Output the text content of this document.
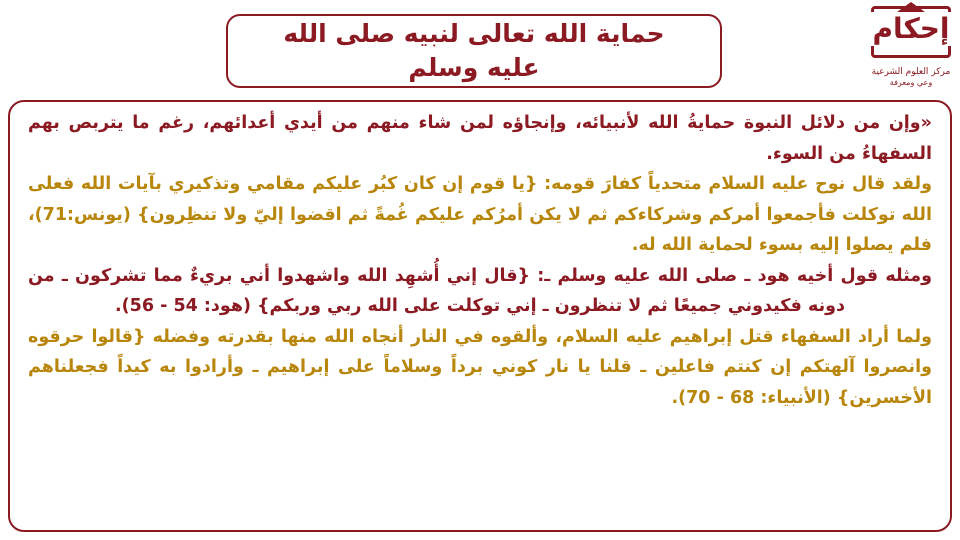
حماية الله تعالى لنبيه صلى الله عليه وسلم
إحكام
مركز العلوم الشرعية
وعي ومعرفة

«وإن من دلائل النبوة حمايةُ الله لأنبيائه، وإنجاؤه لمن شاء منهم من أيدي أعدائهم، رغم ما يتربص بهم السفهاءُ من السوء.

ولقد قال نوح عليه السلام متحدياً كفارَ قومه: {يا قوم إن كان كبُر عليكم مقامي وتذكيري بآيات الله فعلى الله توكلت فأجمعوا أمركم وشركاءكم ثم لا يكن أمرُكم عليكم غُمةً ثم اقضوا إليّ ولا تنظِرون} (يونس:71)، فلم يصلوا إليه بسوء لحماية الله له.

ومثله قول أخيه هود ـ صلى الله عليه وسلم ـ: {قال إني أُشهِد الله واشهدوا أني بريءٌ مما تشركون ـ من دونه فكيدوني جميعًا ثم لا تنظرون ـ إني توكلت على الله ربي وربكم} (هود: 54 - 56).

ولما أراد السفهاء قتل إبراهيم عليه السلام، وألقوه في النار أنجاه الله منها بقدرته وفضله {قالوا حرقوه وانصروا آلهتكم إن كنتم فاعلين ـ قلنا يا نار كوني برداً وسلاماً على إبراهيم ـ وأرادوا به كيداً فجعلناهم الأخسرين} (الأنبياء: 68 - 70).
